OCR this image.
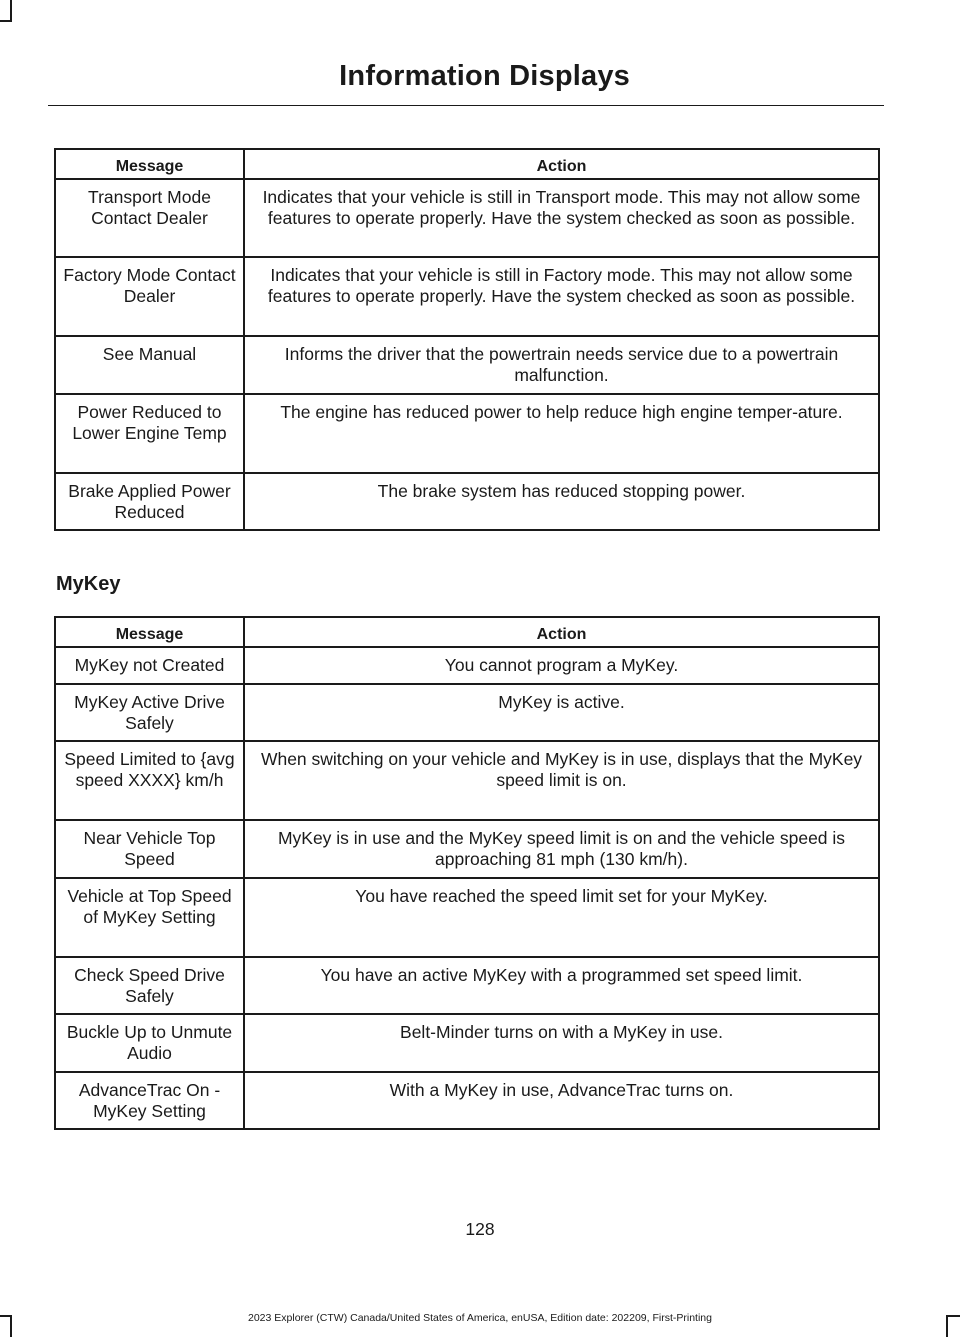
Information Displays
Message	Action
Transport Mode Contact Dealer	Indicates that your vehicle is still in Transport mode. This may not allow some features to operate properly. Have the system checked as soon as possible.
Factory Mode Contact Dealer	Indicates that your vehicle is still in Factory mode. This may not allow some features to operate properly. Have the system checked as soon as possible.
See Manual	Informs the driver that the powertrain needs service due to a powertrain malfunction.
Power Reduced to Lower Engine Temp	The engine has reduced power to help reduce high engine temper-ature.
Brake Applied Power Reduced	The brake system has reduced stopping power.
MyKey
Message	Action
MyKey not Created	You cannot program a MyKey.
MyKey Active Drive Safely	MyKey is active.
Speed Limited to {avg speed XXXX} km/h	When switching on your vehicle and MyKey is in use, displays that the MyKey speed limit is on.
Near Vehicle Top Speed	MyKey is in use and the MyKey speed limit is on and the vehicle speed is approaching 81 mph (130 km/h).
Vehicle at Top Speed of MyKey Setting	You have reached the speed limit set for your MyKey.
Check Speed Drive Safely	You have an active MyKey with a programmed set speed limit.
Buckle Up to Unmute Audio	Belt-Minder turns on with a MyKey in use.
AdvanceTrac On - MyKey Setting	With a MyKey in use, AdvanceTrac turns on.
128
2023 Explorer (CTW) Canada/United States of America, enUSA, Edition date: 202209, First-Printing
